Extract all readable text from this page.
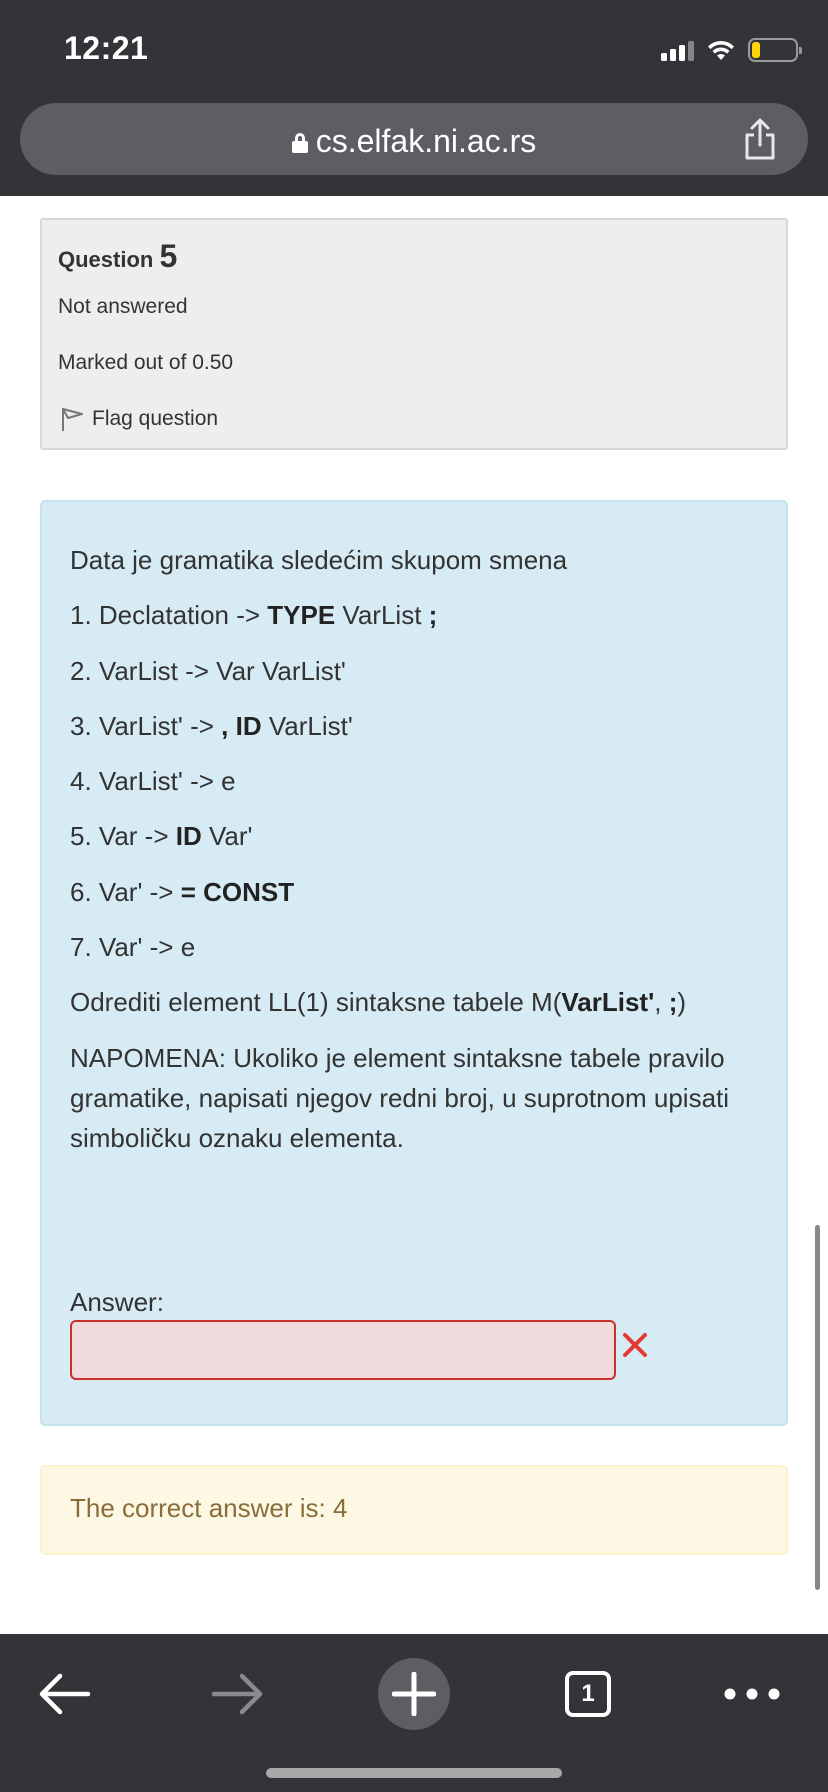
12:21
cs.elfak.ni.ac.rs
Question 5
Not answered
Marked out of 0.50
Flag question

Data je gramatika sledećim skupom smena

1. Declatation -> TYPE VarList ;

2. VarList -> Var VarList'

3. VarList' -> , ID VarList'

4. VarList' -> e

5. Var -> ID Var'

6. Var' -> = CONST

7. Var' -> e

Odrediti element LL(1) sintaksne tabele M(VarList', ;)

NAPOMENA: Ukoliko je element sintaksne tabele pravilo gramatike, napisati njegov redni broj, u suprotnom upisati simboličku oznaku elementa.

Answer:
The correct answer is: 4
1
